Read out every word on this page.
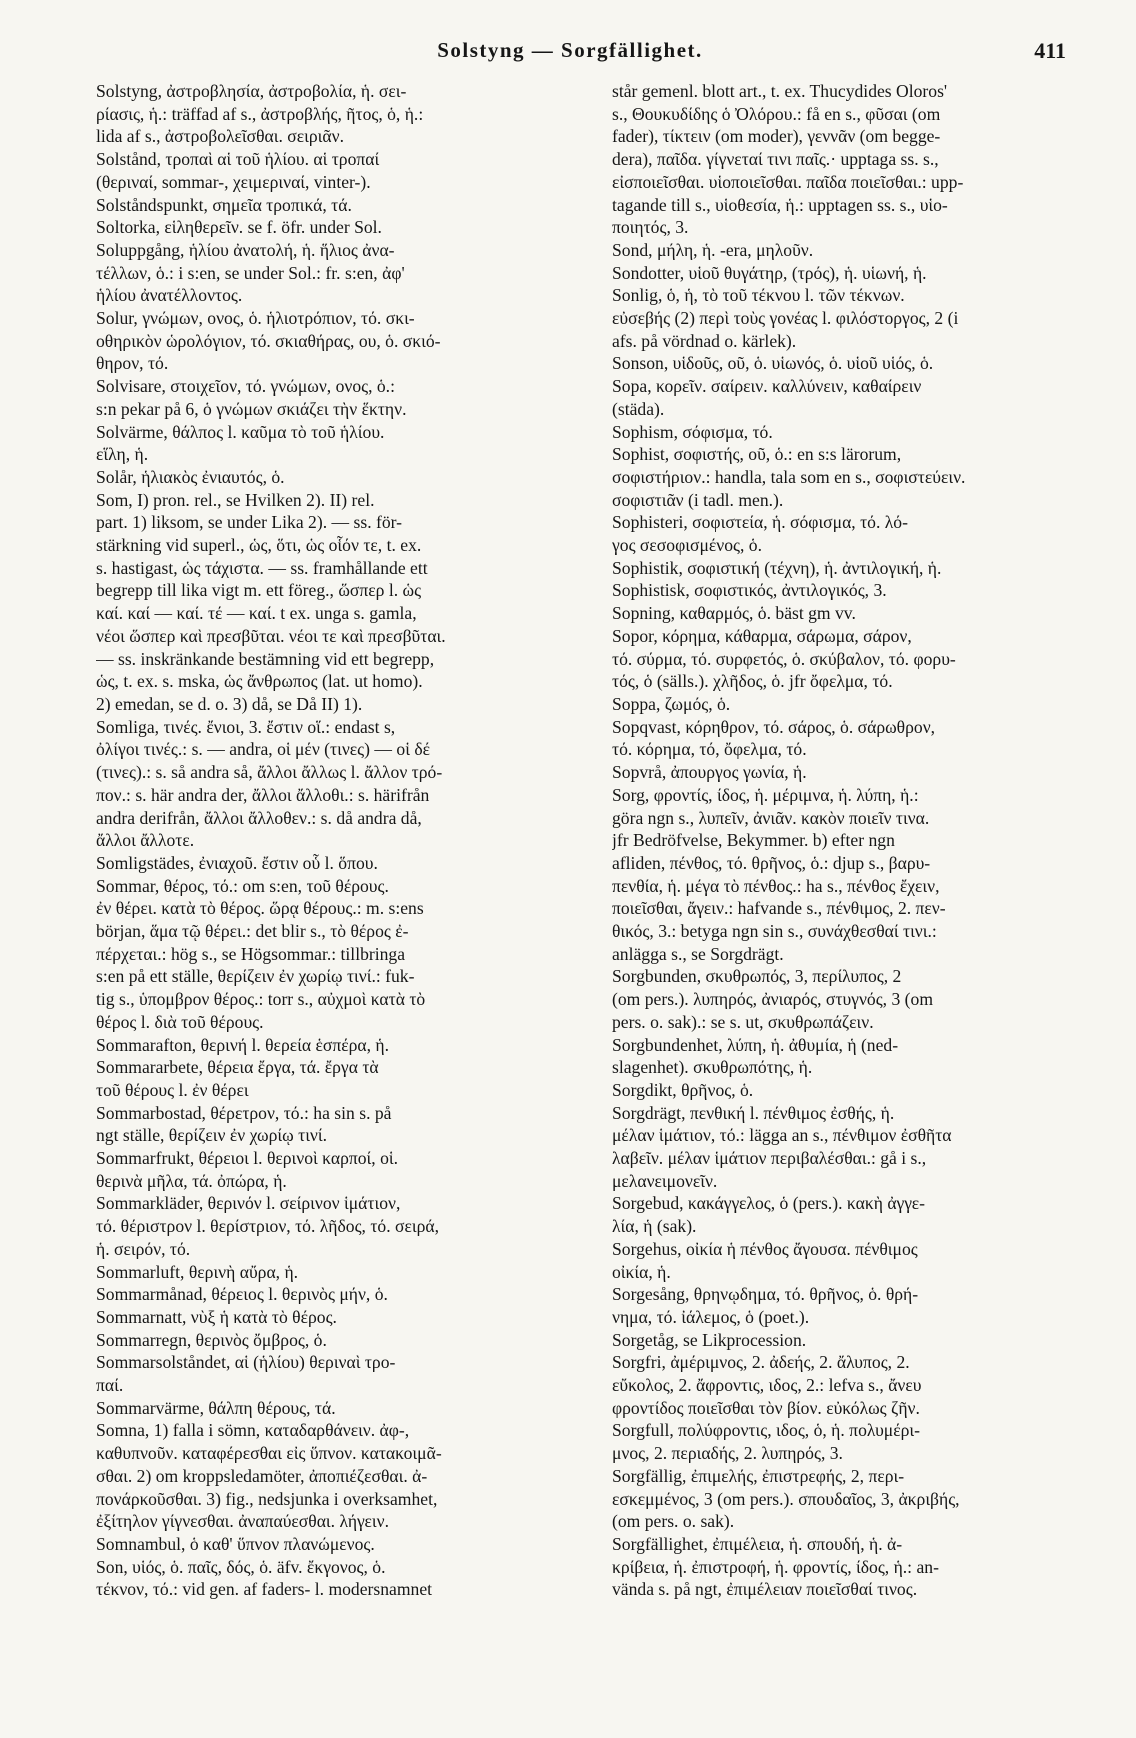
Solstyng — Sorgfällighet.	411
Solstyng, ἀστροβλησία, ἀστροβολία, ἡ. σει-
ρίασις, ἡ.: träffad af s., ἀστροβλής, ῆτος, ὁ, ἡ.:
lida af s., ἀστροβολεῖσθαι. σειριᾶν.
Solstånd, τροπαὶ αἱ τοῦ ἡλίου. αἱ τροπαί
(θεριναί, sommar-, χειμεριναί, vinter-).
Solståndspunkt, σημεῖα τροπικά, τά.
Soltorka, εἱληθερεῖν. se f. öfr. under Sol.
Soluppgång, ἡλίου ἀνατολή, ἡ. ἥλιος ἀνα-
τέλλων, ὁ.: i s:en, se under Sol.: fr. s:en, ἀφ'
ἡλίου ἀνατέλλοντος.
Solur, γνώμων, ονος, ὁ. ἡλιοτρόπιον, τό. σκι-
οθηρικὸν ὡρολόγιον, τό. σκιαθήρας, ου, ὁ. σκιό-
θηρον, τό.
Solvisare, στοιχεῖον, τό. γνώμων, ονος, ὁ.:
s:n pekar på 6, ὁ γνώμων σκιάζει τὴν ἕκτην.
Solvärme, θάλπος l. καῦμα τὸ τοῦ ἡλίου.
εἵλη, ἡ.
Solår, ἡλιακὸς ἐνιαυτός, ὁ.
Som, I) pron. rel., se Hvilken 2). II) rel.
part. 1) liksom, se under Lika 2). — ss. för-
stärkning vid superl., ὡς, ὅτι, ὡς οἷόν τε, t. ex.
s. hastigast, ὡς τάχιστα. — ss. framhållande ett
begrepp till lika vigt m. ett föreg., ὥσπερ l. ὡς
καί. καί — καί. τέ — καί. t ex. unga s. gamla,
νέοι ὥσπερ καὶ πρεσβῦται. νέοι τε καὶ πρεσβῦται.
— ss. inskränkande bestämning vid ett begrepp,
ὡς, t. ex. s. mska, ὡς ἄνθρωπος (lat. ut homo).
2) emedan, se d. o. 3) då, se Då II) 1).
Somliga, τινές. ἔνιοι, 3. ἔστιν οἵ.: endast s,
ὀλίγοι τινές.: s. — andra, οἱ μέν (τινες) — οἱ δέ
(τινες).: s. så andra så, ἄλλοι ἄλλως l. ἄλλον τρό-
πον.: s. här andra der, ἄλλοι ἄλλοθι.: s. härifrån
andra derifrån, ἄλλοι ἄλλοθεν.: s. då andra då,
ἄλλοι ἄλλοτε.
Somligstädes, ἐνιαχοῦ. ἔστιν οὗ l. ὅπου.
Sommar, θέρος, τό.: om s:en, τοῦ θέρους.
ἐν θέρει. κατὰ τὸ θέρος. ὥρᾳ θέρους.: m. s:ens
början, ἅμα τῷ θέρει.: det blir s., τὸ θέρος ἐ-
πέρχεται.: hög s., se Högsommar.: tillbringa
s:en på ett ställe, θερίζειν ἐν χωρίῳ τινί.: fuk-
tig s., ὑπομβρον θέρος.: torr s., αὐχμοὶ κατὰ τὸ
θέρος l. διὰ τοῦ θέρους.
Sommarafton, θερινή l. θερεία ἑσπέρα, ἡ.
Sommararbete, θέρεια ἔργα, τά. ἔργα τὰ
τοῦ θέρους l. ἐν θέρει
Sommarbostad, θέρετρον, τό.: ha sin s. på
ngt ställe, θερίζειν ἐν χωρίῳ τινί.
Sommarfrukt, θέρειοι l. θερινοὶ καρποί, οἱ.
θερινὰ μῆλα, τά. ὀπώρα, ἡ.
Sommarkläder, θερινόν l. σείρινον ἱμάτιον,
τό. θέριστρον l. θερίστριον, τό. λῆδος, τό. σειρά,
ἡ. σειρόν, τό.
Sommarluft, θερινὴ αὔρα, ἡ.
Sommarmånad, θέρειος l. θερινὸς μήν, ὁ.
Sommarnatt, νὺξ ἡ κατὰ τὸ θέρος.
Sommarregn, θερινὸς ὄμβρος, ὁ.
Sommarsolståndet, αἱ (ἡλίου) θεριναὶ τρο-
παί.
Sommarvärme, θάλπη θέρους, τά.
Somna, 1) falla i sömn, καταδαρθάνειν. ἀφ-,
καθυπνοῦν. καταφέρεσθαι εἰς ὕπνον. κατακοιμᾶ-
σθαι. 2) om kroppsledamöter, ἀποπιέζεσθαι. ἀ-
πονάρκοῦσθαι. 3) fig., nedsjunka i overksamhet,
ἐξίτηλον γίγνεσθαι. ἀναπαύεσθαι. λήγειν.
Somnambul, ὁ καθ' ὕπνον πλανώμενος.
Son, υἱός, ὁ. παῖς, δός, ὁ. äfv. ἔκγονος, ὁ.
τέκνον, τό.: vid gen. af faders- l. modersnamnet
står gemenl. blott art., t. ex. Thucydides Oloros'
s., Θουκυδίδης ὁ Ὀλόρου.: få en s., φῦσαι (om
fader), τίκτειν (om moder), γεννᾶν (om begge-
dera), παῖδα. γίγνεταί τινι παῖς.· upptaga ss. s.,
εἰσποιεῖσθαι. υἱοποιεῖσθαι. παῖδα ποιεῖσθαι.: upp-
tagande till s., υἱοθεσία, ἡ.: upptagen ss. s., υἱο-
ποιητός, 3.
Sond, μήλη, ἡ. -era, μηλοῦν.
Sondotter, υἱοῦ θυγάτηρ, (τρός), ἡ. υἱωνή, ἡ.
Sonlig, ὁ, ἡ, τὸ τοῦ τέκνου l. τῶν τέκνων.
εὐσεβής (2) περὶ τοὺς γονέας l. φιλόστοργος, 2 (i
afs. på vördnad o. kärlek).
Sonson, υἱδοῦς, οῦ, ὁ. υἱωνός, ὁ. υἱοῦ υἱός, ὁ.
Sopa, κορεῖν. σαίρειν. καλλύνειν, καθαίρειν
(städa).
Sophism, σόφισμα, τό.
Sophist, σοφιστής, οῦ, ὁ.: en s:s lärorum,
σοφιστήριον.: handla, tala som en s., σοφιστεύειν.
σοφιστιᾶν (i tadl. men.).
Sophisteri, σοφιστεία, ἡ. σόφισμα, τό. λό-
γος σεσοφισμένος, ὁ.
Sophistik, σοφιστική (τέχνη), ἡ. ἀντιλογική, ἡ.
Sophistisk, σοφιστικός, ἀντιλογικός, 3.
Sopning, καθαρμός, ὁ. bäst gm vv.
Sopor, κόρημα, κάθαρμα, σάρωμα, σάρον,
τό. σύρμα, τό. συρφετός, ὁ. σκύβαλον, τό. φορυ-
τός, ὁ (sälls.). χλῆδος, ὁ. jfr ὄφελμα, τό.
Soppa, ζωμός, ὁ.
Sopqvast, κόρηθρον, τό. σάρος, ὁ. σάρωθρον,
τό. κόρημα, τό, ὄφελμα, τό.
Sopvrå, ἀπουργος γωνία, ἡ.
Sorg, φροντίς, ίδος, ἡ. μέριμνα, ἡ. λύπη, ἡ.:
göra ngn s., λυπεῖν, ἀνιᾶν. κακὸν ποιεῖν τινα.
jfr Bedröfvelse, Bekymmer. b) efter ngn
afliden, πένθος, τό. θρῆνος, ὁ.: djup s., βαρυ-
πενθία, ἡ. μέγα τὸ πένθος.: ha s., πένθος ἔχειν,
ποιεῖσθαι, ἄγειν.: hafvande s., πένθιμος, 2. πεν-
θικός, 3.: betyga ngn sin s., συνάχθεσθαί τινι.:
anlägga s., se Sorgdrägt.
Sorgbunden, σκυθρωπός, 3, περίλυπος, 2
(om pers.). λυπηρός, ἀνιαρός, στυγνός, 3 (om
pers. o. sak).: se s. ut, σκυθρωπάζειν.
Sorgbundenhet, λύπη, ἡ. ἀθυμία, ἡ (ned-
slagenhet). σκυθρωπότης, ἡ.
Sorgdikt, θρῆνος, ὁ.
Sorgdrägt, πενθική l. πένθιμος ἐσθής, ἡ.
μέλαν ἱμάτιον, τό.: lägga an s., πένθιμον ἐσθῆτα
λαβεῖν. μέλαν ἱμάτιον περιβαλέσθαι.: gå i s.,
μελανειμονεῖν.
Sorgebud, κακάγγελος, ὁ (pers.). κακὴ ἀγγε-
λία, ἡ (sak).
Sorgehus, οἰκία ἡ πένθος ἄγουσα. πένθιμος
οἰκία, ἡ.
Sorgesång, θρηνῳδημα, τό. θρῆνος, ὁ. θρή-
νημα, τό. ἰάλεμος, ὁ (poet.).
Sorgetåg, se Likprocession.
Sorgfri, ἀμέριμνος, 2. ἀδεής, 2. ἄλυπος, 2.
εὔκολος, 2. ἄφροντις, ιδος, 2.: lefva s., ἄνευ
φροντίδος ποιεῖσθαι τὸν βίον. εὐκόλως ζῆν.
Sorgfull, πολύφροντις, ιδος, ὁ, ἡ. πολυμέρι-
μνος, 2. περιαδής, 2. λυπηρός, 3.
Sorgfällig, ἐπιμελής, ἐπιστρεφής, 2, περι-
εσκεμμένος, 3 (om pers.). σπουδαῖος, 3, ἀκριβής,
(om pers. o. sak).
Sorgfällighet, ἐπιμέλεια, ἡ. σπουδή, ἡ. ἀ-
κρίβεια, ἡ. ἐπιστροφή, ἡ. φροντίς, ίδος, ἡ.: an-
vända s. på ngt, ἐπιμέλειαν ποιεῖσθαί τινος.
